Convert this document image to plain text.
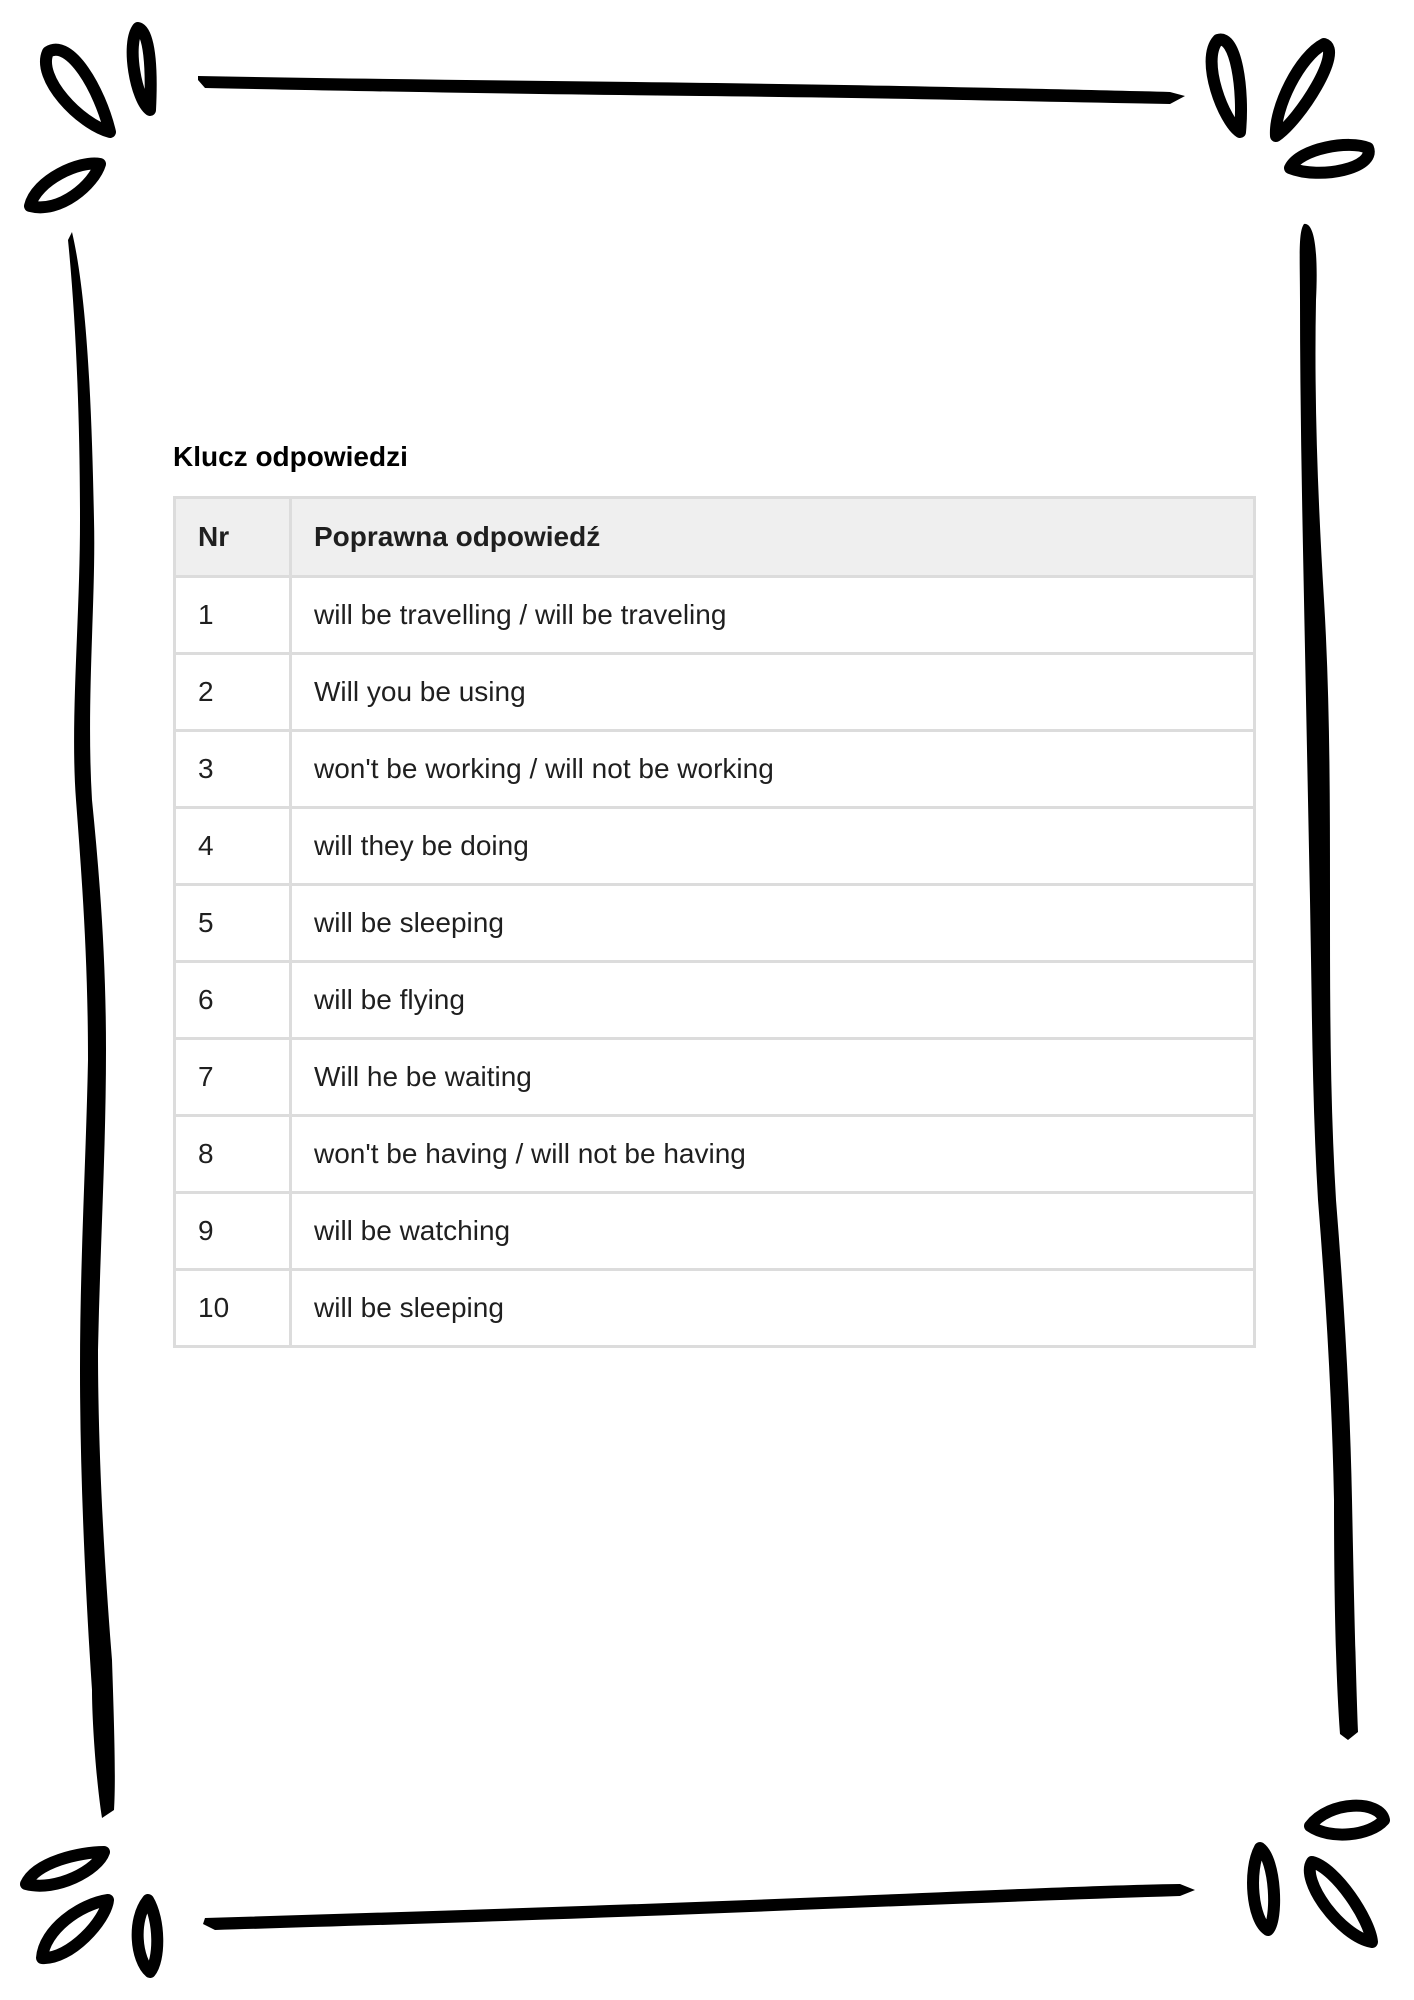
Klucz odpowiedzi
Nr	Poprawna odpowiedź
1	will be travelling / will be traveling
2	Will you be using
3	won't be working / will not be working
4	will they be doing
5	will be sleeping
6	will be flying
7	Will he be waiting
8	won't be having / will not be having
9	will be watching
10	will be sleeping
